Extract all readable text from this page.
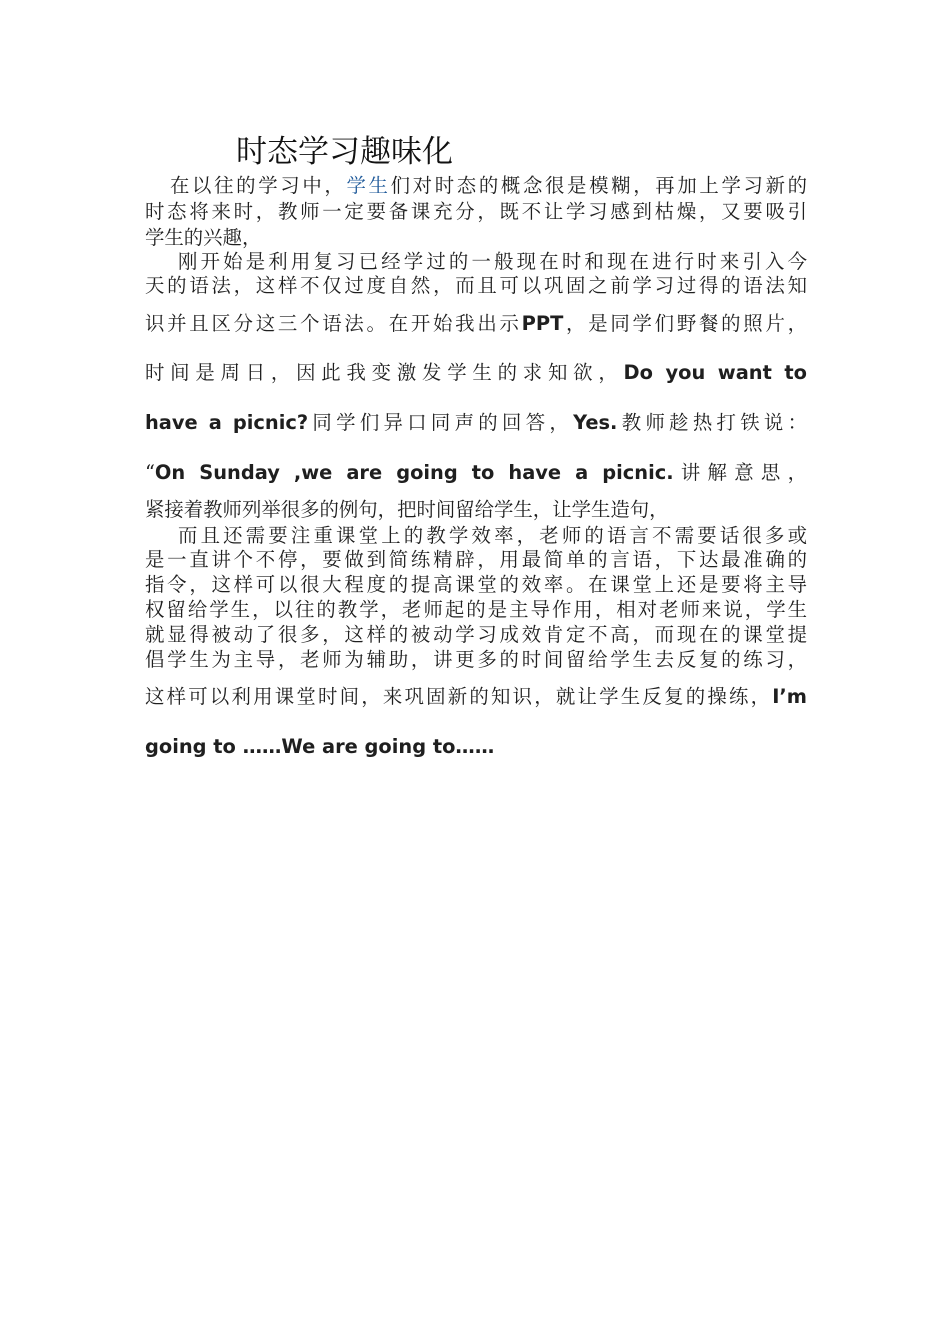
时态学习趣味化
在以往的学习中，学生们对时态的概念很是模糊，再加上学习新的
时态将来时，教师一定要备课充分，既不让学习感到枯燥，又要吸引
学生的兴趣，
刚开始是利用复习已经学过的一般现在时和现在进行时来引入今
天的语法，这样不仅过度自然，而且可以巩固之前学习过得的语法知
识并且区分这三个语法。在开始我出示PPT，是同学们野餐的照片，
时间是周日，因此我变激发学生的求知欲，Do you want to
have a picnic?同学们异口同声的回答，Yes.教师趁热打铁说：
“On Sunday ,we are going to have a picnic.讲解意思，
紧接着教师列举很多的例句，把时间留给学生，让学生造句，
而且还需要注重课堂上的教学效率，老师的语言不需要话很多或
是一直讲个不停，要做到简练精辟，用最简单的言语，下达最准确的
指令，这样可以很大程度的提高课堂的效率。在课堂上还是要将主导
权留给学生，以往的教学，老师起的是主导作用，相对老师来说，学生
就显得被动了很多，这样的被动学习成效肯定不高，而现在的课堂提
倡学生为主导，老师为辅助，讲更多的时间留给学生去反复的练习，
这样可以利用课堂时间，来巩固新的知识，就让学生反复的操练，I’m
going to ……We are going to……
